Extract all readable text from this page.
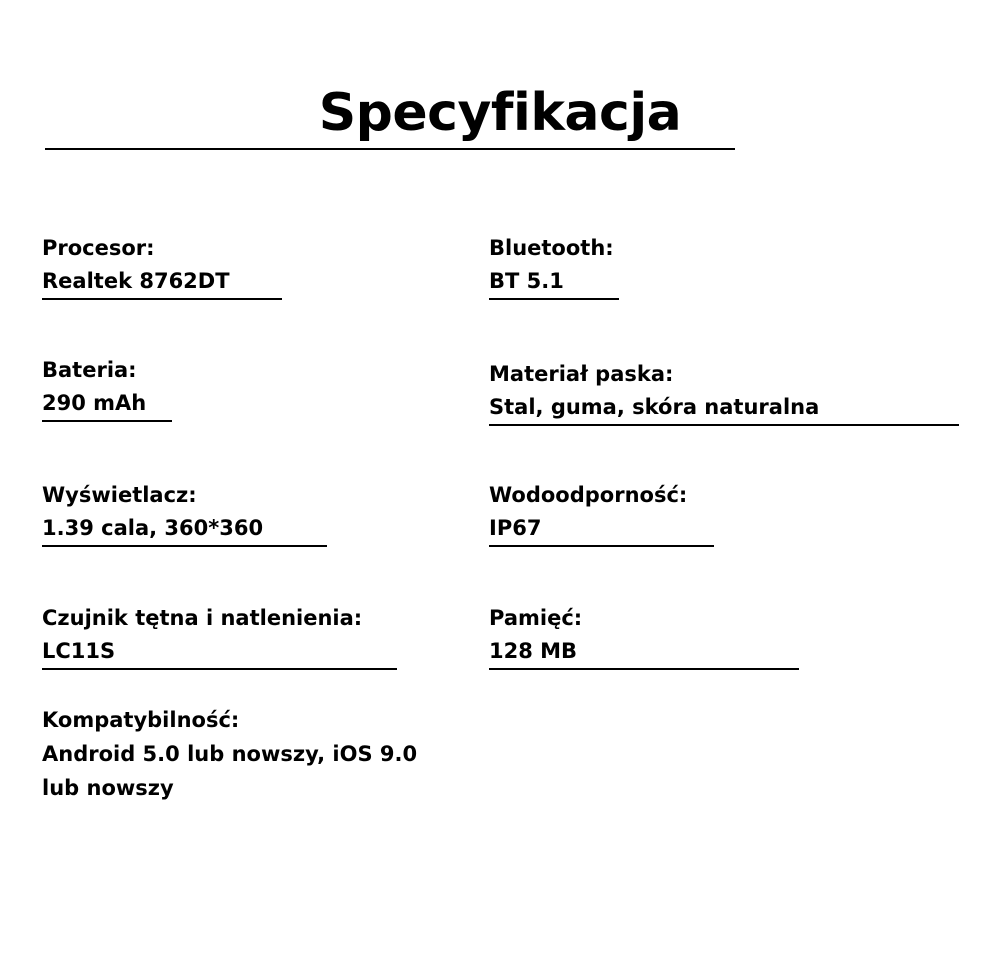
Specyfikacja
Procesor:
Realtek 8762DT
Bluetooth:
BT 5.1
Bateria:
290 mAh
Materiał paska:
Stal, guma, skóra naturalna
Wyświetlacz:
1.39 cala, 360*360
Wodoodporność:
IP67
Czujnik tętna i natlenienia:
LC11S
Pamięć:
128 MB
Kompatybilność:
Android 5.0 lub nowszy, iOS 9.0
lub nowszy
